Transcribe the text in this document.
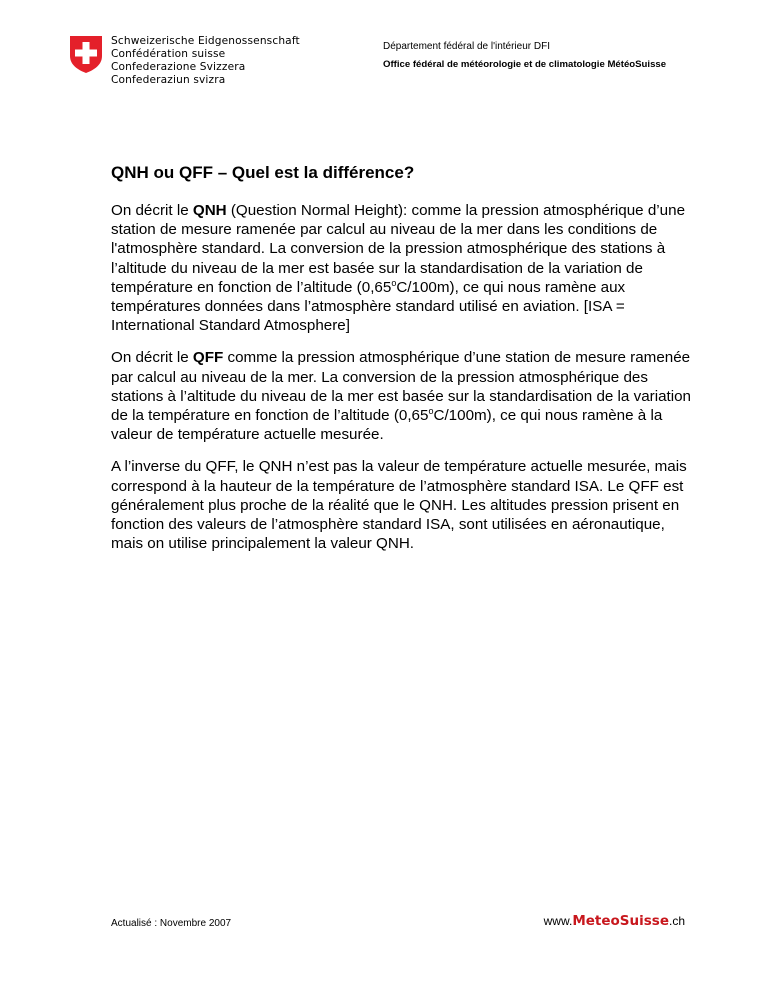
Schweizerische Eidgenossenschaft
Confédération suisse
Confederazione Svizzera
Confederaziun svizra
Département fédéral de l'intérieur DFI
Office fédéral de météorologie et de climatologie MétéoSuisse
QNH ou QFF – Quel est la différence?

On décrit le QNH (Question Normal Height): comme la pression atmosphérique d’une station de mesure ramenée par calcul au niveau de la mer dans les conditions de l'atmosphère standard. La conversion de la pression atmosphérique des stations à l’altitude du niveau de la mer est basée sur la standardisation de la variation de température en fonction de l’altitude (0,65$^o$C/100m), ce qui nous ramène aux températures données dans l’atmosphère standard utilisé en aviation. [ISA = International Standard Atmosphere]

On décrit le QFF comme la pression atmosphérique d’une station de mesure ramenée par calcul au niveau de la mer. La conversion de la pression atmosphérique des stations à l’altitude du niveau de la mer est basée sur la standardisation de la variation de la température en fonction de l’altitude (0,65$^o$C/100m), ce qui nous ramène à la valeur de température actuelle mesurée.

A l’inverse du QFF, le QNH n’est pas la valeur de température actuelle mesurée, mais correspond à la hauteur de la température de l’atmosphère standard ISA. Le QFF est généralement plus proche de la réalité que le QNH. Les altitudes pression prisent en fonction des valeurs de l’atmosphère standard ISA, sont utilisées en aéronautique, mais on utilise principalement la valeur QNH.

Actualisé : Novembre 2007	www.MeteoSuisse.ch
